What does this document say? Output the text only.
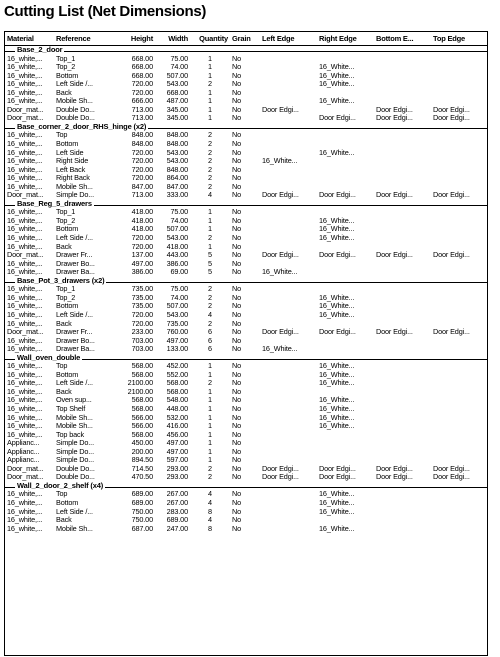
Cutting List (Net Dimensions)
Material	Reference	Height	Width	Quantity	Grain	Left Edge	Right Edge	Bottom E...	Top Edge

Base_2_door									
16_white,...	Top_1	668.00	75.00	1	No				
16_white,...	Top_2	668.00	74.00	1	No		16_White...		
16_white,...	Bottom	668.00	507.00	1	No		16_White...		
16_white,...	Left Side /...	720.00	543.00	2	No		16_White...		
16_white,...	Back	720.00	668.00	1	No				
16_white,...	Mobile Sh...	666.00	487.00	1	No		16_White...		
Door_mat...	Double Do...	713.00	345.00	1	No	Door Edgi...		Door Edgi...	Door Edgi...
Door_mat...	Double Do...	713.00	345.00	1	No		Door Edgi...	Door Edgi...	Door Edgi...

Base_corner_2_door_RHS_hinge (x2)									
16_white,...	Top	848.00	848.00	2	No				
16_white,...	Bottom	848.00	848.00	2	No				
16_white,...	Left Side	720.00	543.00	2	No		16_White...		
16_white,...	Right Side	720.00	543.00	2	No	16_White...			
16_white,...	Left Back	720.00	848.00	2	No				
16_white,...	Right Back	720.00	864.00	2	No				
16_white,...	Mobile Sh...	847.00	847.00	2	No				
Door_mat...	Simple Do...	713.00	333.00	4	No	Door Edgi...	Door Edgi...	Door Edgi...	Door Edgi...

Base_Reg_5_drawers									
16_white,...	Top_1	418.00	75.00	1	No				
16_white,...	Top_2	418.00	74.00	1	No		16_White...		
16_white,...	Bottom	418.00	507.00	1	No		16_White...		
16_white,...	Left Side /...	720.00	543.00	2	No		16_White...		
16_white,...	Back	720.00	418.00	1	No				
Door_mat...	Drawer Fr...	137.00	443.00	5	No	Door Edgi...	Door Edgi...	Door Edgi...	Door Edgi...
16_white,...	Drawer Bo...	497.00	386.00	5	No				
16_white,...	Drawer Ba...	386.00	69.00	5	No	16_White...			

Base_Pot_3_drawers (x2)									
16_white,...	Top_1	735.00	75.00	2	No				
16_white,...	Top_2	735.00	74.00	2	No		16_White...		
16_white,...	Bottom	735.00	507.00	2	No		16_White...		
16_white,...	Left Side /...	720.00	543.00	4	No		16_White...		
16_white,...	Back	720.00	735.00	2	No				
Door_mat...	Drawer Fr...	233.00	760.00	6	No	Door Edgi...	Door Edgi...	Door Edgi...	Door Edgi...
16_white,...	Drawer Bo...	703.00	497.00	6	No				
16_white,...	Drawer Ba...	703.00	133.00	6	No	16_White...			

Wall_oven_double									
16_white,...	Top	568.00	452.00	1	No		16_White...		
16_white,...	Bottom	568.00	552.00	1	No		16_White...		
16_white,...	Left Side /...	2100.00	568.00	2	No		16_White...		
16_white,...	Back	2100.00	568.00	1	No				
16_white,...	Oven sup...	568.00	548.00	1	No		16_White...		
16_white,...	Top Shelf	568.00	448.00	1	No		16_White...		
16_white,...	Mobile Sh...	566.00	532.00	1	No		16_White...		
16_white,...	Mobile Sh...	566.00	416.00	1	No		16_White...		
16_white,...	Top back	568.00	456.00	1	No				
Applianc...	Simple Do...	450.00	497.00	1	No				
Applianc...	Simple Do...	200.00	497.00	1	No				
Applianc...	Simple Do...	894.50	597.00	1	No				
Door_mat...	Double Do...	714.50	293.00	2	No	Door Edgi...	Door Edgi...	Door Edgi...	Door Edgi...
Door_mat...	Double Do...	470.50	293.00	2	No	Door Edgi...	Door Edgi...	Door Edgi...	Door Edgi...

Wall_2_door_2_shelf (x4)									
16_white,...	Top	689.00	267.00	4	No		16_White...		
16_white,...	Bottom	689.00	267.00	4	No		16_White...		
16_white,...	Left Side /...	750.00	283.00	8	No		16_White...		
16_white,...	Back	750.00	689.00	4	No				
16_white,...	Mobile Sh...	687.00	247.00	8	No		16_White...		
